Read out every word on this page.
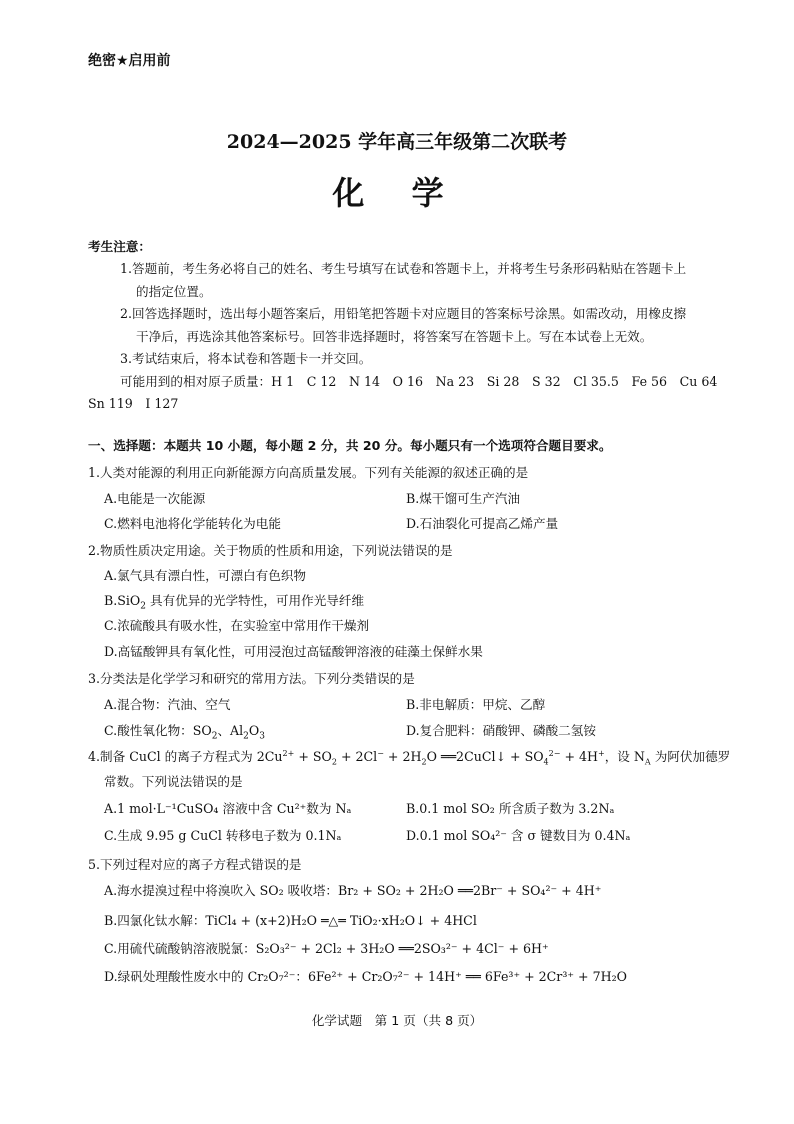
绝密★启用前
2024—2025 学年高三年级第二次联考
化 学
考生注意：
1.答题前，考生务必将自己的姓名、考生号填写在试卷和答题卡上，并将考生号条形码粘贴在答题卡上
的指定位置。
2.回答选择题时，选出每小题答案后，用铅笔把答题卡对应题目的答案标号涂黑。如需改动，用橡皮擦
干净后，再选涂其他答案标号。回答非选择题时，将答案写在答题卡上。写在本试卷上无效。
3.考试结束后，将本试卷和答题卡一并交回。
可能用到的相对原子质量：H 1　C 12　N 14　O 16　Na 23　Si 28　S 32　Cl 35.5　Fe 56　Cu 64
Sn 119　I 127
一、选择题：本题共 10 小题，每小题 2 分，共 20 分。每小题只有一个选项符合题目要求。
1.人类对能源的利用正向新能源方向高质量发展。下列有关能源的叙述正确的是
A.电能是一次能源	B.煤干馏可生产汽油
C.燃料电池将化学能转化为电能	D.石油裂化可提高乙烯产量
2.物质性质决定用途。关于物质的性质和用途，下列说法错误的是
A.氯气具有漂白性，可漂白有色织物
B.SiO$_2$ 具有优异的光学特性，可用作光导纤维
C.浓硫酸具有吸水性，在实验室中常用作干燥剂
D.高锰酸钾具有氧化性，可用浸泡过高锰酸钾溶液的硅藻土保鲜水果
3.分类法是化学学习和研究的常用方法。下列分类错误的是
A.混合物：汽油、空气	B.非电解质：甲烷、乙醇
C.酸性氧化物：$SO_2$、$Al_2O_3$	D.复合肥料：硝酸钾、磷酸二氢铵
4.制备 CuCl 的离子方程式为 $2Cu^{2+} + SO_2 + 2Cl^- + 2H_2O$ ══2CuCl↓ + $SO_4^{2-} + 4H^+$，设 $N_A$ 为阿伏加德罗
常数。下列说法错误的是
A.1 mol·L⁻¹CuSO₄ 溶液中含 Cu²⁺数为 Nₐ	B.0.1 mol SO₂ 所含质子数为 3.2Nₐ
C.生成 9.95 g CuCl 转移电子数为 0.1Nₐ	D.0.1 mol SO₄²⁻ 含 σ 键数目为 0.4Nₐ
5.下列过程对应的离子方程式错误的是
A.海水提溴过程中将溴吹入 SO₂ 吸收塔：Br₂ + SO₂ + 2H₂O ══2Br⁻ + SO₄²⁻ + 4H⁺
B.四氯化钛水解：TiCl₄ + (x+2)H₂O ═△═ TiO₂·xH₂O↓ + 4HCl
C.用硫代硫酸钠溶液脱氯：S₂O₃²⁻ + 2Cl₂ + 3H₂O ══2SO₃²⁻ + 4Cl⁻ + 6H⁺
D.绿矾处理酸性废水中的 Cr₂O₇²⁻：6Fe²⁺ + Cr₂O₇²⁻ + 14H⁺ ══ 6Fe³⁺ + 2Cr³⁺ + 7H₂O
化学试题　第 1 页（共 8 页）
